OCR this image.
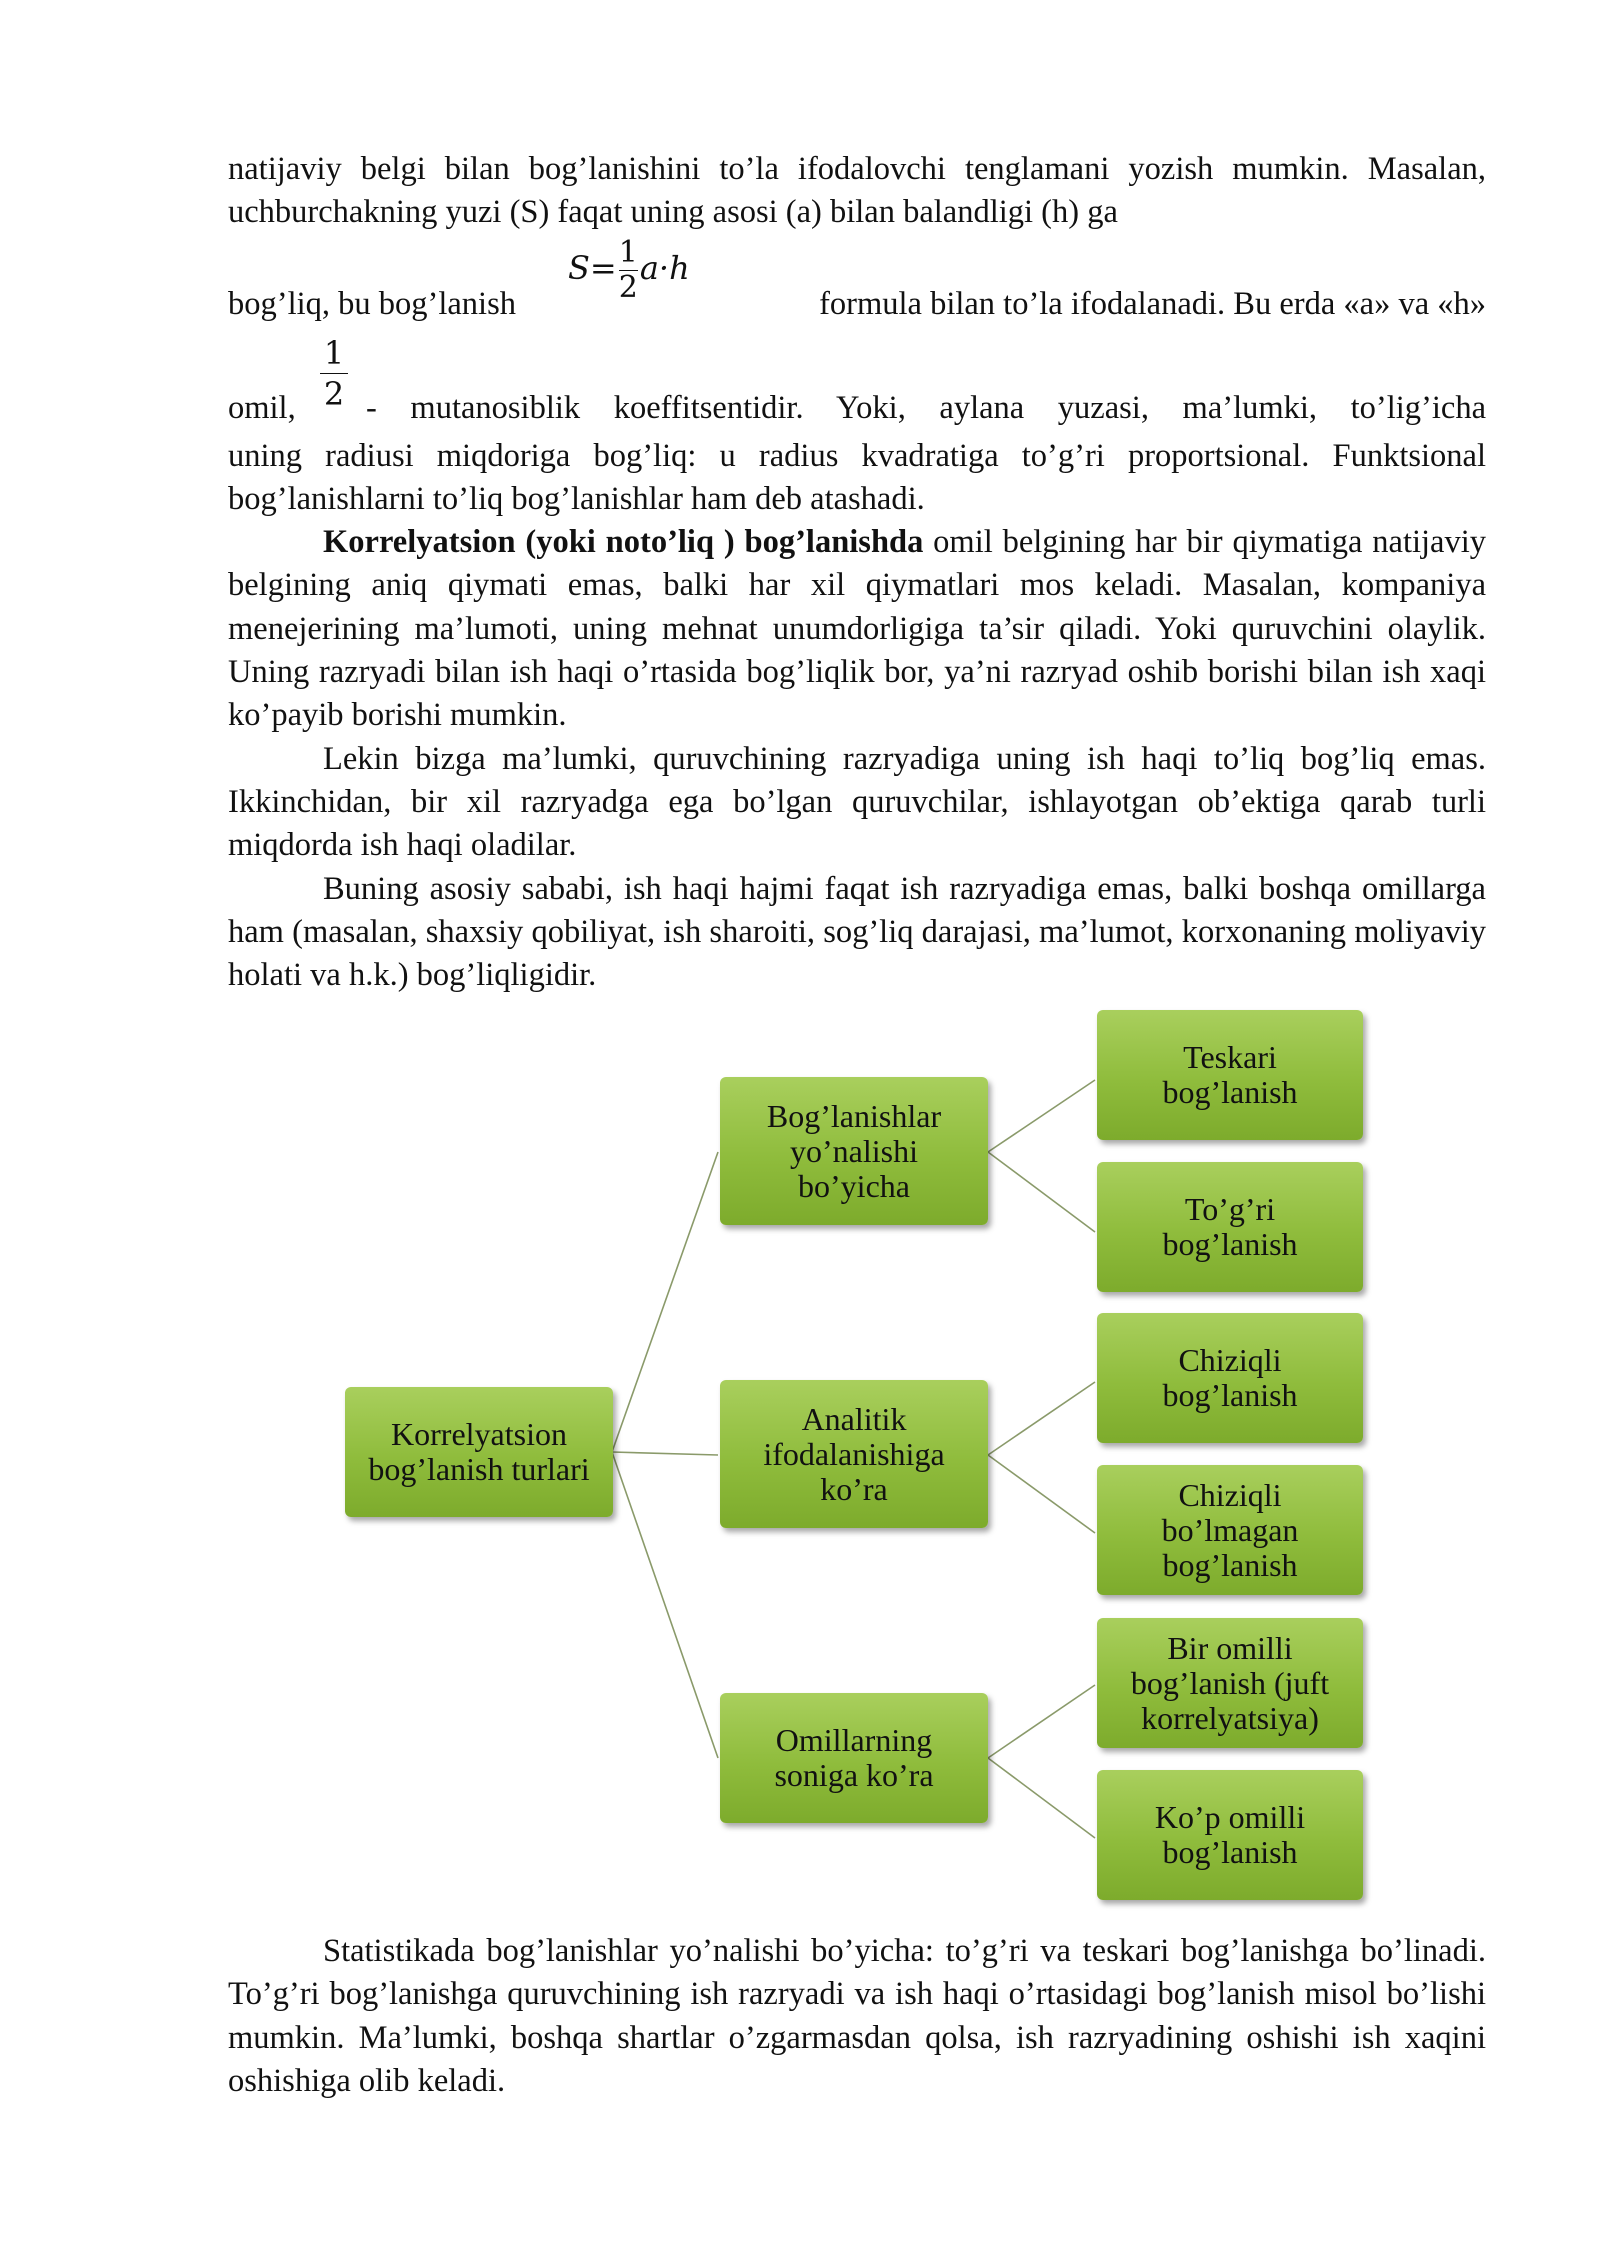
natijaviy belgi bilan bog’lanishini to’la ifodalovchi tenglamani yozish mumkin. Masalan, uchburchakning yuzi (S) faqat uning asosi (a) bilan balandligi (h) ga

bog’liq, bu bog’lanish
$S= \frac{1}{2} a\cdot h$
formula bilan to’la ifodalanadi. Bu erda «a» va «h»
omil,
1
2 - mutanosiblik koeffitsentidir. Yoki, aylana yuzasi, ma’lumki, to’lig’icha

uning radiusi miqdoriga bog’liq: u radius kvadratiga to’g’ri proportsional. Funktsional bog’lanishlarni to’liq bog’lanishlar ham deb atashadi.

Korrelyatsion (yoki noto’liq ) bog’lanishda omil belgining har bir qiymatiga natijaviy belgining aniq qiymati emas, balki har xil qiymatlari mos keladi. Masalan, kompaniya menejerining ma’lumoti, uning mehnat unumdorligiga ta’sir qiladi. Yoki quruvchini olaylik. Uning razryadi bilan ish haqi o’rtasida bog’liqlik bor, ya’ni razryad oshib borishi bilan ish xaqi ko’payib borishi mumkin.

Lekin bizga ma’lumki, quruvchining razryadiga uning ish haqi to’liq bog’liq emas. Ikkinchidan, bir xil razryadga ega bo’lgan quruvchilar, ishlayotgan ob’ektiga qarab turli miqdorda ish haqi oladilar.

Buning asosiy sababi, ish haqi hajmi faqat ish razryadiga emas, balki boshqa omillarga ham (masalan, shaxsiy qobiliyat, ish sharoiti, sog’liq darajasi, ma’lumot, korxonaning moliyaviy holati va h.k.) bog’liqligidir.

Korrelyatsion
bog’lanish turlari
Bog’lanishlar
yo’nalishi
bo’yicha
Analitik
ifodalanishiga
ko’ra
Omillarning
soniga ko’ra
Teskari
bog’lanish
To’g’ri
bog’lanish
Chiziqli
bog’lanish
Chiziqli
bo’lmagan
bog’lanish
Bir omilli
bog’lanish (juft
korrelyatsiya)
Ko’p omilli
bog’lanish

Statistikada bog’lanishlar yo’nalishi bo’yicha: to’g’ri va teskari bog’lanishga bo’linadi. To’g’ri bog’lanishga quruvchining ish razryadi va ish haqi o’rtasidagi bog’lanish misol bo’lishi mumkin. Ma’lumki, boshqa shartlar o’zgarmasdan qolsa, ish razryadining oshishi ish xaqini oshishiga olib keladi.
